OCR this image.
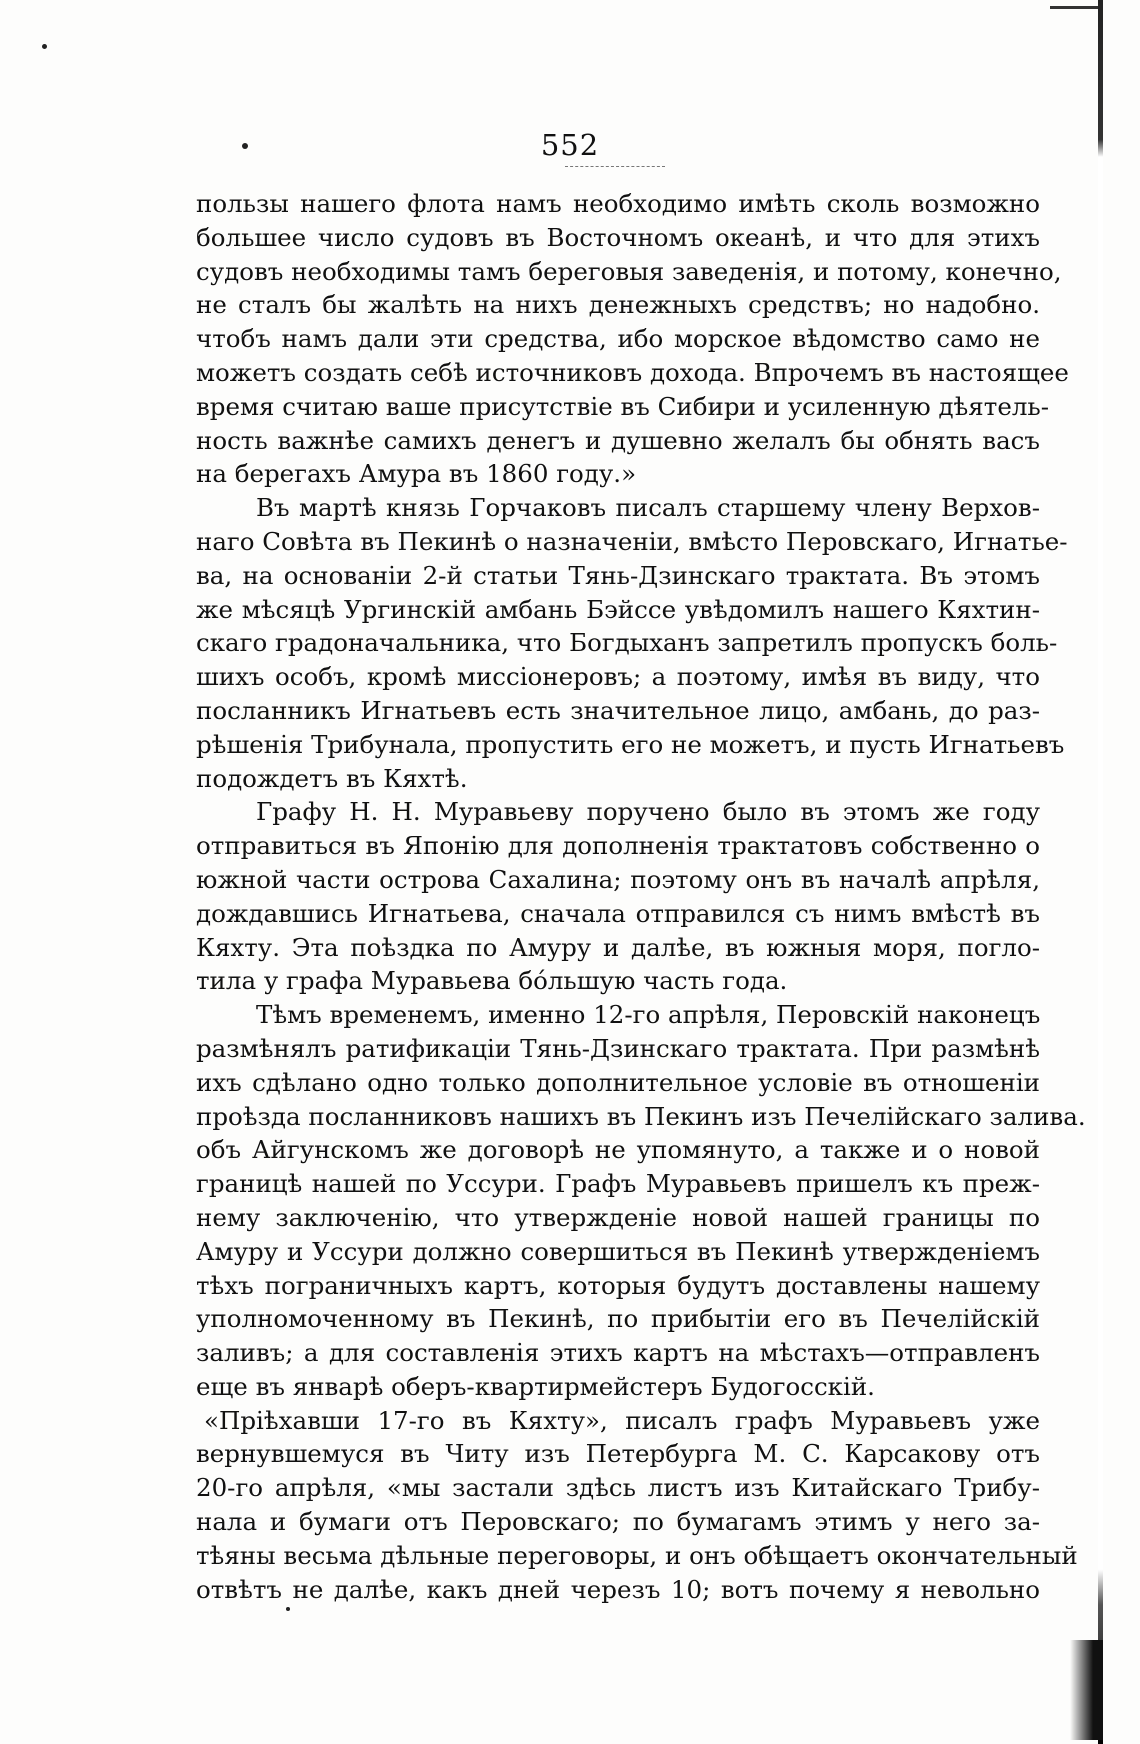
552
пользы нашего флота намъ необходимо имѣть сколь возможно
большее число судовъ въ Восточномъ океанѣ, и что для этихъ
судовъ необходимы тамъ береговыя заведенія, и потому, конечно,
не сталъ бы жалѣть на нихъ денежныхъ средствъ; но надобно.
чтобъ намъ дали эти средства, ибо морское вѣдомство само не
можетъ создать себѣ источниковъ дохода. Впрочемъ въ настоящее
время считаю ваше присутствіе въ Сибири и усиленную дѣятель-
ность важнѣе самихъ денегъ и душевно желалъ бы обнять васъ
на берегахъ Амура въ 1860 году.»
Въ мартѣ князь Горчаковъ писалъ старшему члену Верхов-
наго Совѣта въ Пекинѣ о назначеніи, вмѣсто Перовскаго, Игнатье-
ва, на основаніи 2-й статьи Тянь-Дзинскаго трактата. Въ этомъ
же мѣсяцѣ Ургинскій амбань Бэйссе увѣдомилъ нашего Кяхтин-
скаго градоначальника, что Богдыханъ запретилъ пропускъ боль-
шихъ особъ, кромѣ миссіонеровъ; а поэтому, имѣя въ виду, что
посланникъ Игнатьевъ есть значительное лицо, амбань, до раз-
рѣшенія Трибунала, пропустить его не можетъ, и пусть Игнатьевъ
подождетъ въ Кяхтѣ.
Графу Н. Н. Муравьеву поручено было въ этомъ же году
отправиться въ Японію для дополненія трактатовъ собственно о
южной части острова Сахалина; поэтому онъ въ началѣ апрѣля,
дождавшись Игнатьева, сначала отправился съ нимъ вмѣстѣ въ
Кяхту. Эта поѣздка по Амуру и далѣе, въ южныя моря, погло-
тила у графа Муравьева бóльшую часть года.
Тѣмъ временемъ, именно 12-го апрѣля, Перовскій наконецъ
размѣнялъ ратификаціи Тянь-Дзинскаго трактата. При размѣнѣ
ихъ сдѣлано одно только дополнительное условіе въ отношеніи
проѣзда посланниковъ нашихъ въ Пекинъ изъ Печелійскаго залива.
объ Айгунскомъ же договорѣ не упомянуто, а также и о новой
границѣ нашей по Уссури. Графъ Муравьевъ пришелъ къ преж-
нему заключенію, что утвержденіе новой нашей границы по
Амуру и Уссури должно совершиться въ Пекинѣ утвержденіемъ
тѣхъ пограничныхъ картъ, которыя будутъ доставлены нашему
уполномоченному въ Пекинѣ, по прибытіи его въ Печелійскій
заливъ; а для составленія этихъ картъ на мѣстахъ—отправленъ
еще въ январѣ оберъ-квартирмейстеръ Будогосскій.
«Пріѣхавши 17-го въ Кяхту», писалъ графъ Муравьевъ уже
вернувшемуся въ Читу изъ Петербурга М. С. Карсакову отъ
20-го апрѣля, «мы застали здѣсь листъ изъ Китайскаго Трибу-
нала и бумаги отъ Перовскаго; по бумагамъ этимъ у него за-
тѣяны весьма дѣльные переговоры, и онъ обѣщаетъ окончательный
отвѣтъ не далѣе, какъ дней черезъ 10; вотъ почему я невольно
